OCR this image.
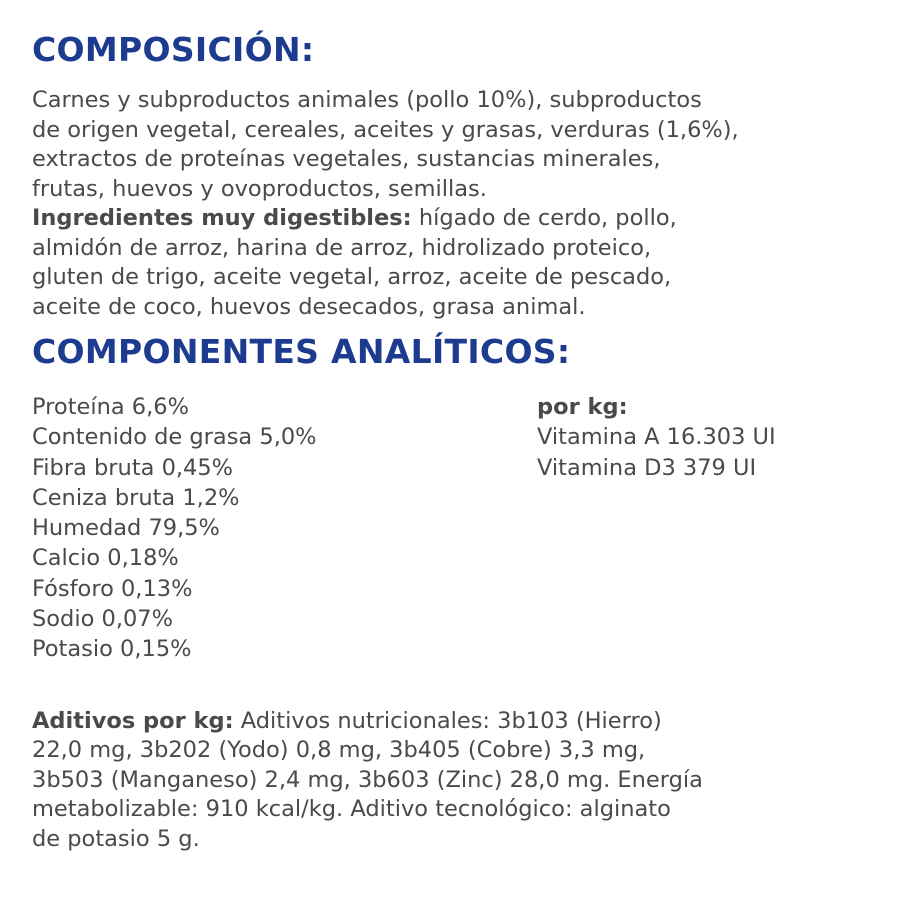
COMPOSICIÓN:

Carnes y subproductos animales (pollo 10%), subproductos
de origen vegetal, cereales, aceites y grasas, verduras (1,6%),
extractos de proteínas vegetales, sustancias minerales,
frutas, huevos y ovoproductos, semillas.
Ingredientes muy digestibles: hígado de cerdo, pollo,
almidón de arroz, harina de arroz, hidrolizado proteico,
gluten de trigo, aceite vegetal, arroz, aceite de pescado,
aceite de coco, huevos desecados, grasa animal.

COMPONENTES ANALÍTICOS:
Proteína 6,6%
Contenido de grasa 5,0%
Fibra bruta 0,45%
Ceniza bruta 1,2%
Humedad 79,5%
Calcio 0,18%
Fósforo 0,13%
Sodio 0,07%
Potasio 0,15%
por kg:
Vitamina A 16.303 UI
Vitamina D3 379 UI

Aditivos por kg: Aditivos nutricionales: 3b103 (Hierro)
22,0 mg, 3b202 (Yodo) 0,8 mg, 3b405 (Cobre) 3,3 mg,
3b503 (Manganeso) 2,4 mg, 3b603 (Zinc) 28,0 mg. Energía
metabolizable: 910 kcal/kg. Aditivo tecnológico: alginato
de potasio 5 g.
